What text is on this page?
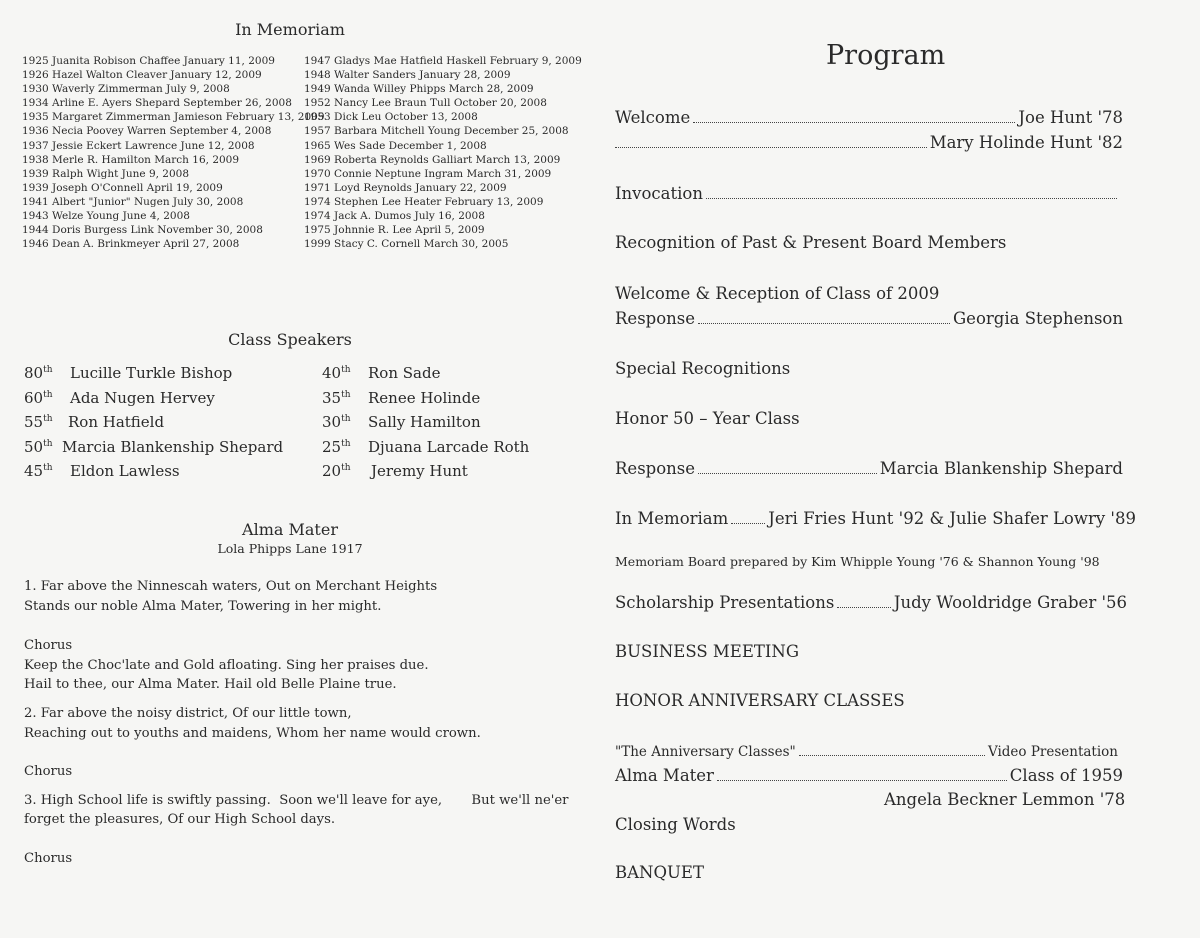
In Memoriam
1925 Juanita Robison Chaffee January 11, 2009
1926 Hazel Walton Cleaver January 12, 2009
1930 Waverly Zimmerman July 9, 2008
1934 Arline E. Ayers Shepard September 26, 2008
1935 Margaret Zimmerman Jamieson February 13, 2009
1936 Necia Poovey Warren September 4, 2008
1937 Jessie Eckert Lawrence June 12, 2008
1938 Merle R. Hamilton March 16, 2009
1939 Ralph Wight June 9, 2008
1939 Joseph O'Connell April 19, 2009
1941 Albert "Junior" Nugen July 30, 2008
1943 Welze Young June 4, 2008
1944 Doris Burgess Link November 30, 2008
1946 Dean A. Brinkmeyer April 27, 2008
1947 Gladys Mae Hatfield Haskell February 9, 2009
1948 Walter Sanders January 28, 2009
1949 Wanda Willey Phipps March 28, 2009
1952 Nancy Lee Braun Tull October 20, 2008
1953 Dick Leu October 13, 2008
1957 Barbara Mitchell Young December 25, 2008
1965 Wes Sade December 1, 2008
1969 Roberta Reynolds Galliart March 13, 2009
1970 Connie Neptune Ingram March 31, 2009
1971 Loyd Reynolds January 22, 2009
1974 Stephen Lee Heater February 13, 2009
1974 Jack A. Dumos July 16, 2008
1975 Johnnie R. Lee April 5, 2009
1999 Stacy C. Cornell March 30, 2005
Class Speakers
80th Lucille Turkle Bishop
60th Ada Nugen Hervey
55th Ron Hatfield
50th Marcia Blankenship Shepard
45th Eldon Lawless
40th Ron Sade
35th Renee Holinde
30th Sally Hamilton
25th Djuana Larcade Roth
20th Jeremy Hunt
Alma Mater
Lola Phipps Lane 1917
1. Far above the Ninnescah waters, Out on Merchant Heights
Stands our noble Alma Mater, Towering in her might.
Chorus
Keep the Choc'late and Gold afloating. Sing her praises due.
Hail to thee, our Alma Mater. Hail old Belle Plaine true.
2. Far above the noisy district, Of our little town,
Reaching out to youths and maidens, Whom her name would crown.
Chorus
3. High School life is swiftly passing.  Soon we'll leave for aye,       But we'll ne'er
forget the pleasures, Of our High School days.
Chorus
Program
Welcome	Joe Hunt '78
Mary Holinde Hunt '82
Invocation
Recognition of Past & Present Board Members
Welcome & Reception of Class of 2009
Response	Georgia Stephenson
Special Recognitions
Honor 50 – Year Class
Response	Marcia Blankenship Shepard
In Memoriam Jeri Fries Hunt '92 & Julie Shafer Lowry '89
Memoriam Board prepared by Kim Whipple Young '76 & Shannon Young '98
Scholarship Presentations	Judy Wooldridge Graber '56
BUSINESS MEETING
HONOR ANNIVERSARY CLASSES
"The Anniversary Classes"	Video Presentation
Alma Mater	Class of 1959
Angela Beckner Lemmon '78
Closing Words
BANQUET
